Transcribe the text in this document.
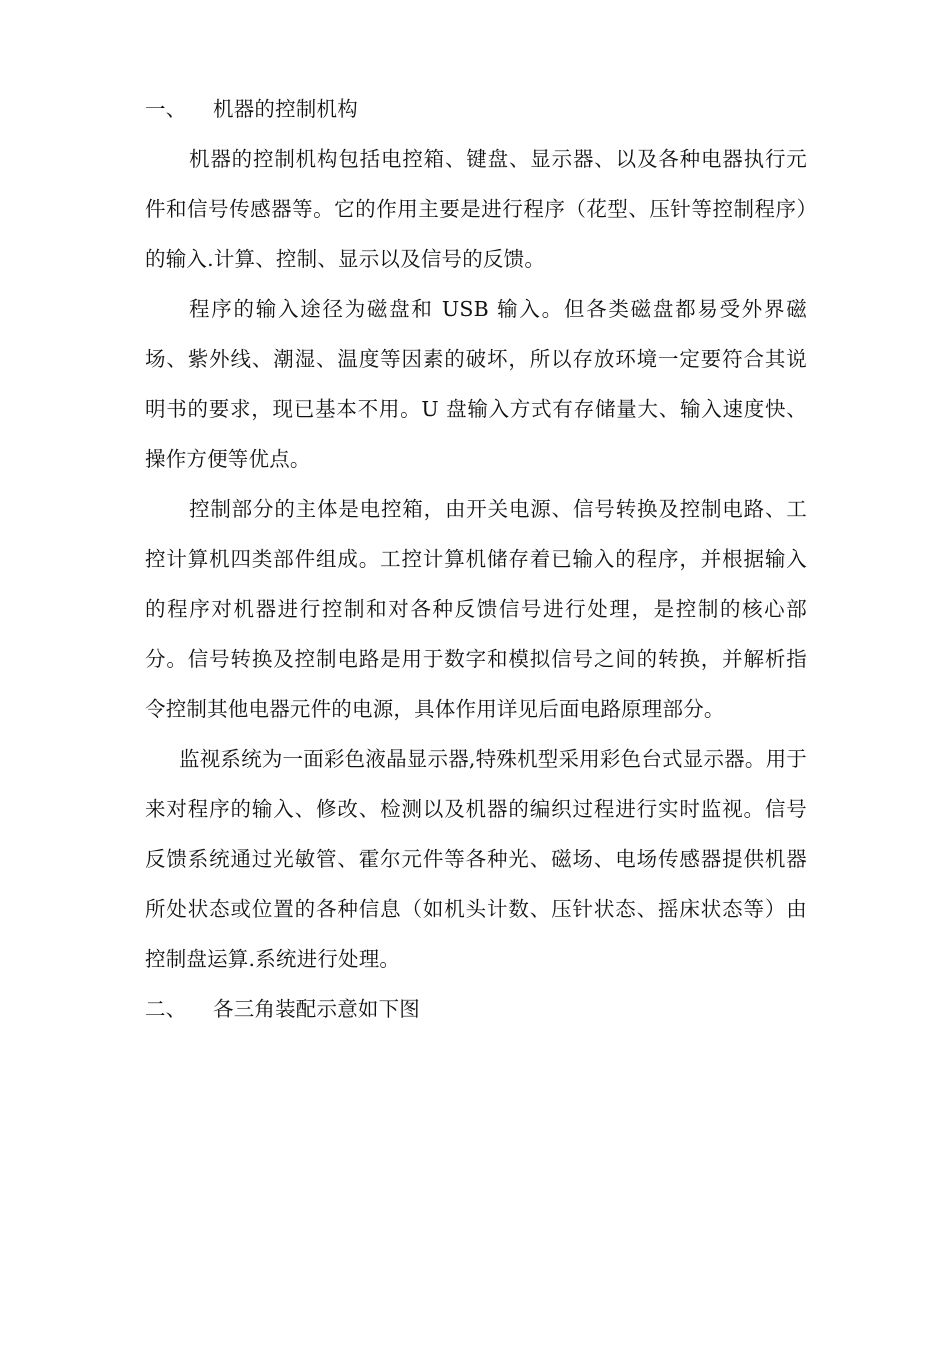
一、 机器的控制机构

机器的控制机构包括电控箱、键盘、显示器、以及各种电器执行元件和信号传感器等。它的作用主要是进行程序（花型、压针等控制程序）的输入.计算、控制、显示以及信号的反馈。

程序的输入途径为磁盘和 USB 输入。但各类磁盘都易受外界磁场、紫外线、潮湿、温度等因素的破坏，所以存放环境一定要符合其说明书的要求，现已基本不用。U 盘输入方式有存储量大、输入速度快、操作方便等优点。

控制部分的主体是电控箱，由开关电源、信号转换及控制电路、工控计算机四类部件组成。工控计算机储存着已输入的程序，并根据输入的程序对机器进行控制和对各种反馈信号进行处理，是控制的核心部分。信号转换及控制电路是用于数字和模拟信号之间的转换，并解析指令控制其他电器元件的电源，具体作用详见后面电路原理部分。

监视系统为一面彩色液晶显示器,特殊机型采用彩色台式显示器。用于来对程序的输入、修改、检测以及机器的编织过程进行实时监视。信号反馈系统通过光敏管、霍尔元件等各种光、磁场、电场传感器提供机器所处状态或位置的各种信息（如机头计数、压针状态、摇床状态等）由控制盘运算.系统进行处理。

二、 各三角装配示意如下图
